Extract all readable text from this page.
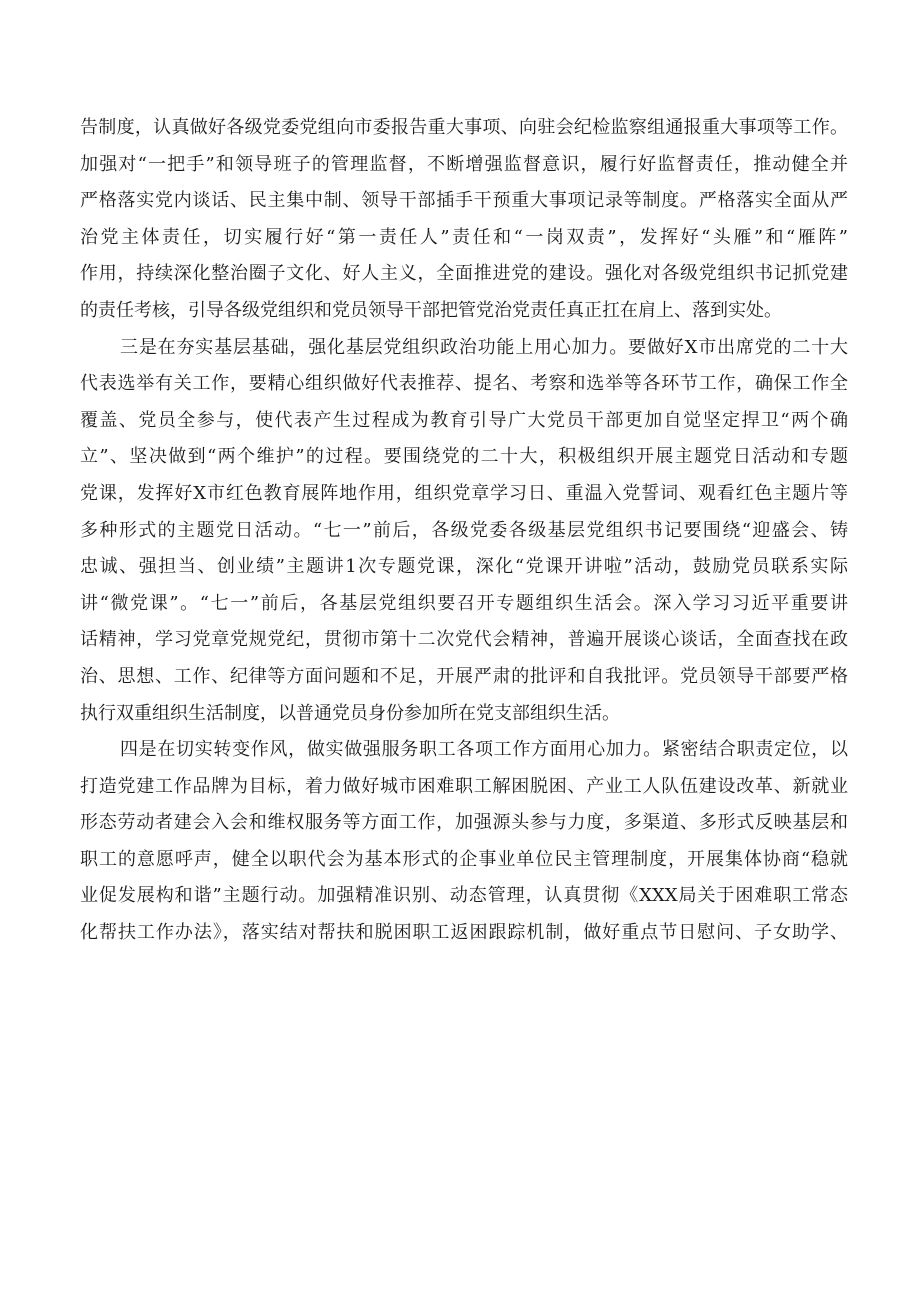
告制度，认真做好各级党委党组向市委报告重大事项、向驻会纪检监察组通报重大事项等工作。
加强对“一把手”和领导班子的管理监督，不断增强监督意识，履行好监督责任，推动健全并
严格落实党内谈话、民主集中制、领导干部插手干预重大事项记录等制度。严格落实全面从严
治党主体责任，切实履行好“第一责任人”责任和“一岗双责”，发挥好“头雁”和“雁阵”
作用，持续深化整治圈子文化、好人主义，全面推进党的建设。强化对各级党组织书记抓党建
的责任考核，引导各级党组织和党员领导干部把管党治党责任真正扛在肩上、落到实处。
三是在夯实基层基础，强化基层党组织政治功能上用心加力。要做好X市出席党的二十大
代表选举有关工作，要精心组织做好代表推荐、提名、考察和选举等各环节工作，确保工作全
覆盖、党员全参与，使代表产生过程成为教育引导广大党员干部更加自觉坚定捍卫“两个确
立”、坚决做到“两个维护”的过程。要围绕党的二十大，积极组织开展主题党日活动和专题
党课，发挥好X市红色教育展阵地作用，组织党章学习日、重温入党誓词、观看红色主题片等
多种形式的主题党日活动。“七一”前后，各级党委各级基层党组织书记要围绕“迎盛会、铸
忠诚、强担当、创业绩”主题讲1次专题党课，深化“党课开讲啦”活动，鼓励党员联系实际
讲“微党课”。“七一”前后，各基层党组织要召开专题组织生活会。深入学习习近平重要讲
话精神，学习党章党规党纪，贯彻市第十二次党代会精神，普遍开展谈心谈话，全面查找在政
治、思想、工作、纪律等方面问题和不足，开展严肃的批评和自我批评。党员领导干部要严格
执行双重组织生活制度，以普通党员身份参加所在党支部组织生活。
四是在切实转变作风，做实做强服务职工各项工作方面用心加力。紧密结合职责定位，以
打造党建工作品牌为目标，着力做好城市困难职工解困脱困、产业工人队伍建设改革、新就业
形态劳动者建会入会和维权服务等方面工作，加强源头参与力度，多渠道、多形式反映基层和
职工的意愿呼声，健全以职代会为基本形式的企事业单位民主管理制度，开展集体协商“稳就
业促发展构和谐”主题行动。加强精准识别、动态管理，认真贯彻《XXX局关于困难职工常态
化帮扶工作办法》，落实结对帮扶和脱困职工返困跟踪机制，做好重点节日慰问、子女助学、
